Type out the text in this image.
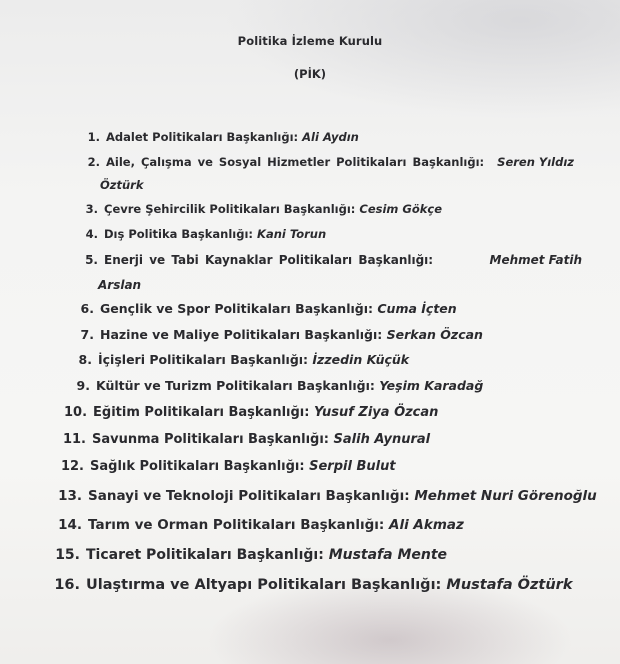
Politika İzleme Kurulu
(PİK)
1. Adalet Politikaları Başkanlığı: Ali Aydın
2. Aile, Çalışma ve Sosyal Hizmetler Politikaları Başkanlığı: Seren Yıldız
Öztürk
3. Çevre Şehircilik Politikaları Başkanlığı: Cesim Gökçe
4. Dış Politika Başkanlığı: Kani Torun
5. Enerji ve Tabi Kaynaklar Politikaları Başkanlığı:	Mehmet Fatih
Arslan
6. Gençlik ve Spor Politikaları Başkanlığı: Cuma İçten
7. Hazine ve Maliye Politikaları Başkanlığı: Serkan Özcan
8. İçişleri Politikaları Başkanlığı: İzzedin Küçük
9. Kültür ve Turizm Politikaları Başkanlığı: Yeşim Karadağ
10. Eğitim Politikaları Başkanlığı: Yusuf Ziya Özcan
11. Savunma Politikaları Başkanlığı: Salih Aynural
12. Sağlık Politikaları Başkanlığı: Serpil Bulut
13. Sanayi ve Teknoloji Politikaları Başkanlığı: Mehmet Nuri Görenoğlu
14. Tarım ve Orman Politikaları Başkanlığı: Ali Akmaz
15. Ticaret Politikaları Başkanlığı: Mustafa Mente
16. Ulaştırma ve Altyapı Politikaları Başkanlığı: Mustafa Öztürk
